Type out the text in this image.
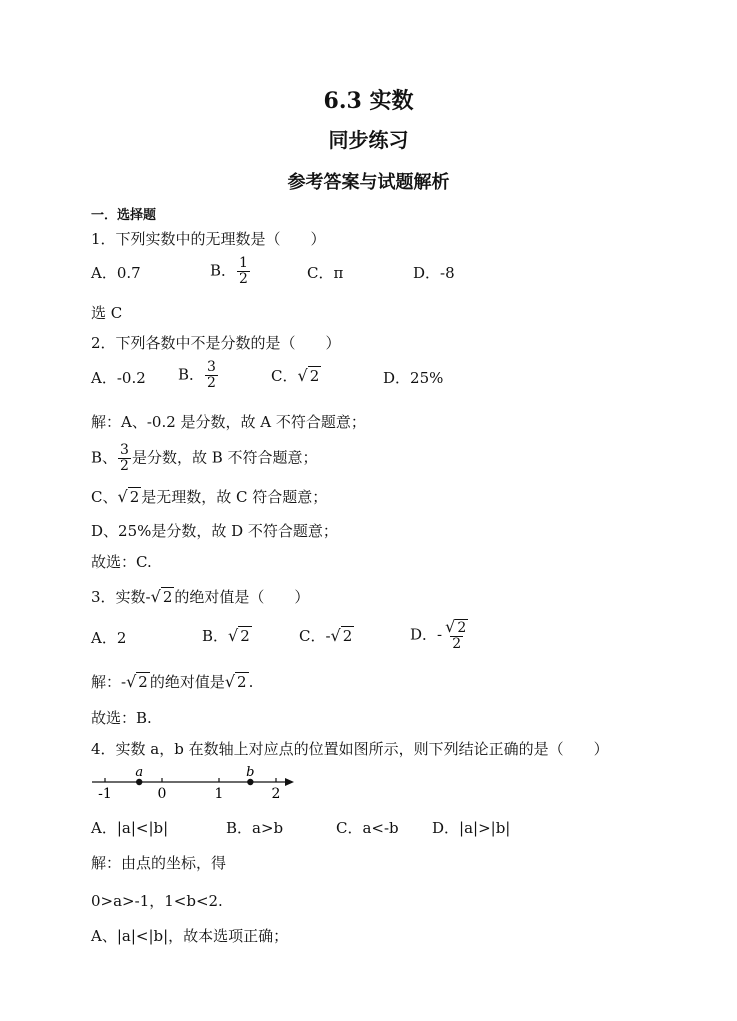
6.3 实数
同步练习
参考答案与试题解析
一．选择题
1．下列实数中的无理数是（　　）
A．0.7	B． $\frac{1}{2}$	C．π	D．-8
选 C
2．下列各数中不是分数的是（　　）
A．-0.2 B． $\frac{3}{2}$	C．√ 2	D．25%
解：A、-0.2 是分数，故 A 不符合题意；
B、 $\frac{3}{2}$ 是分数，故 B 不符合题意；
C、√ 2 是无理数，故 C 符合题意；
D、25%是分数，故 D 不符合题意；
故选：C.
3．实数-√ 2 的绝对值是（　　）
A．2	B．√ 2	C．-√ 2	D．- $\frac{√ 2}{2}$
解：-√ 2 的绝对值是√ 2 .
故选：B.
4．实数 a，b 在数轴上对应点的位置如图所示，则下列结论正确的是（　　）
-1	0	1	2
a	b
A．|a|<|b|	B．a>b	C．a<-b D．|a|>|b|
解：由点的坐标，得
0>a>-1，1<b<2.
A、|a|<|b|，故本选项正确；
